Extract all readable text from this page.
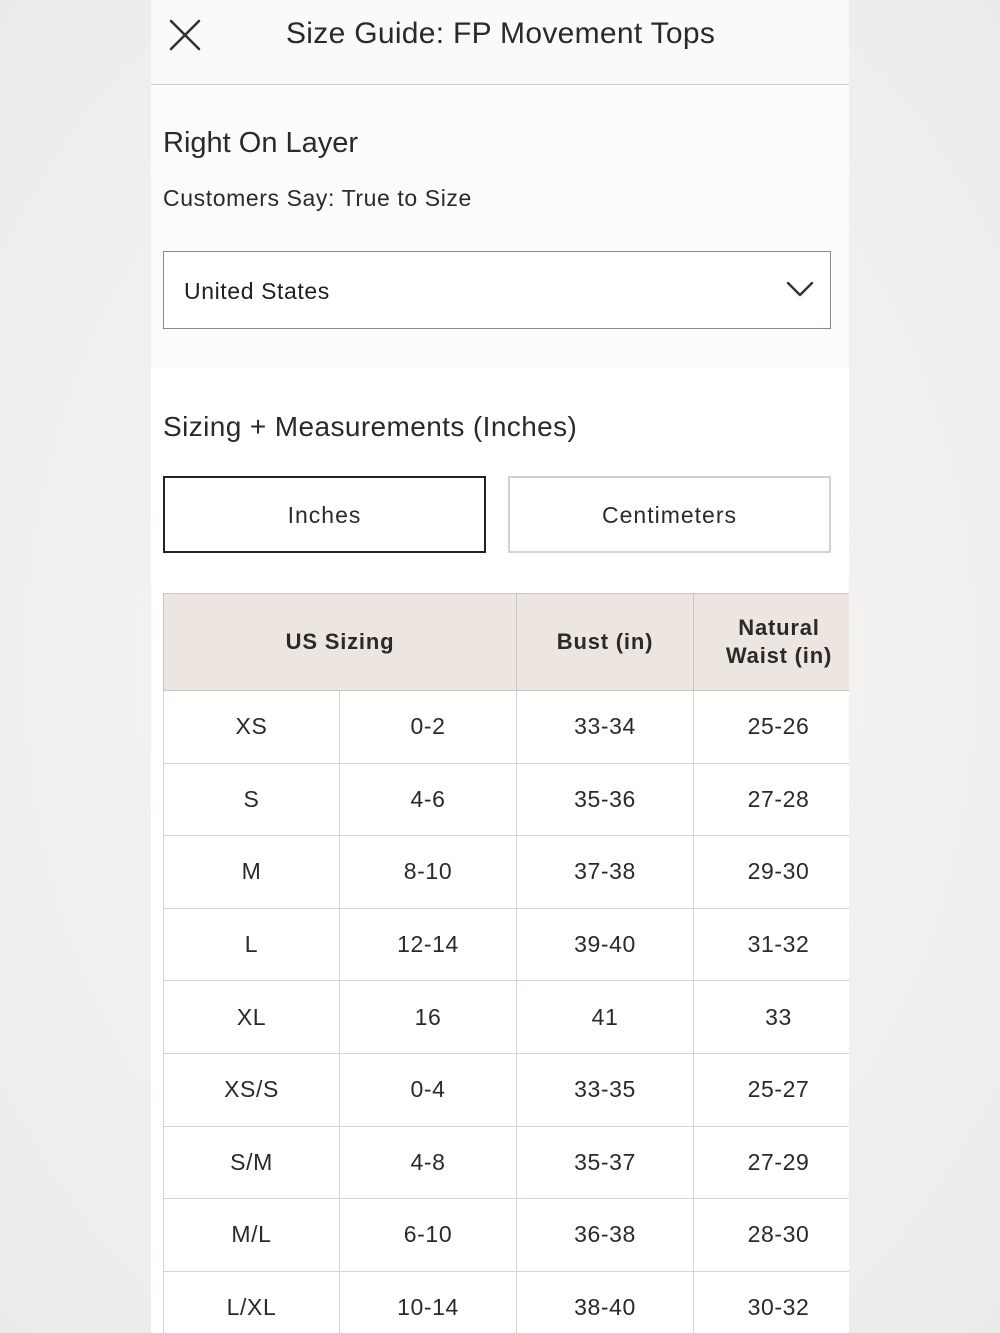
Size Guide: FP Movement Tops
Right On Layer
Customers Say: True to Size
United States
Sizing + Measurements (Inches)
Inches	Centimeters
US Sizing		Bust (in)	Natural Waist (in)

XS	0-2	33-34	25-26
S	4-6	35-36	27-28
M	8-10	37-38	29-30
L	12-14	39-40	31-32
XL	16	41	33
XS/S	0-4	33-35	25-27
S/M	4-8	35-37	27-29
M/L	6-10	36-38	28-30
L/XL	10-14	38-40	30-32
